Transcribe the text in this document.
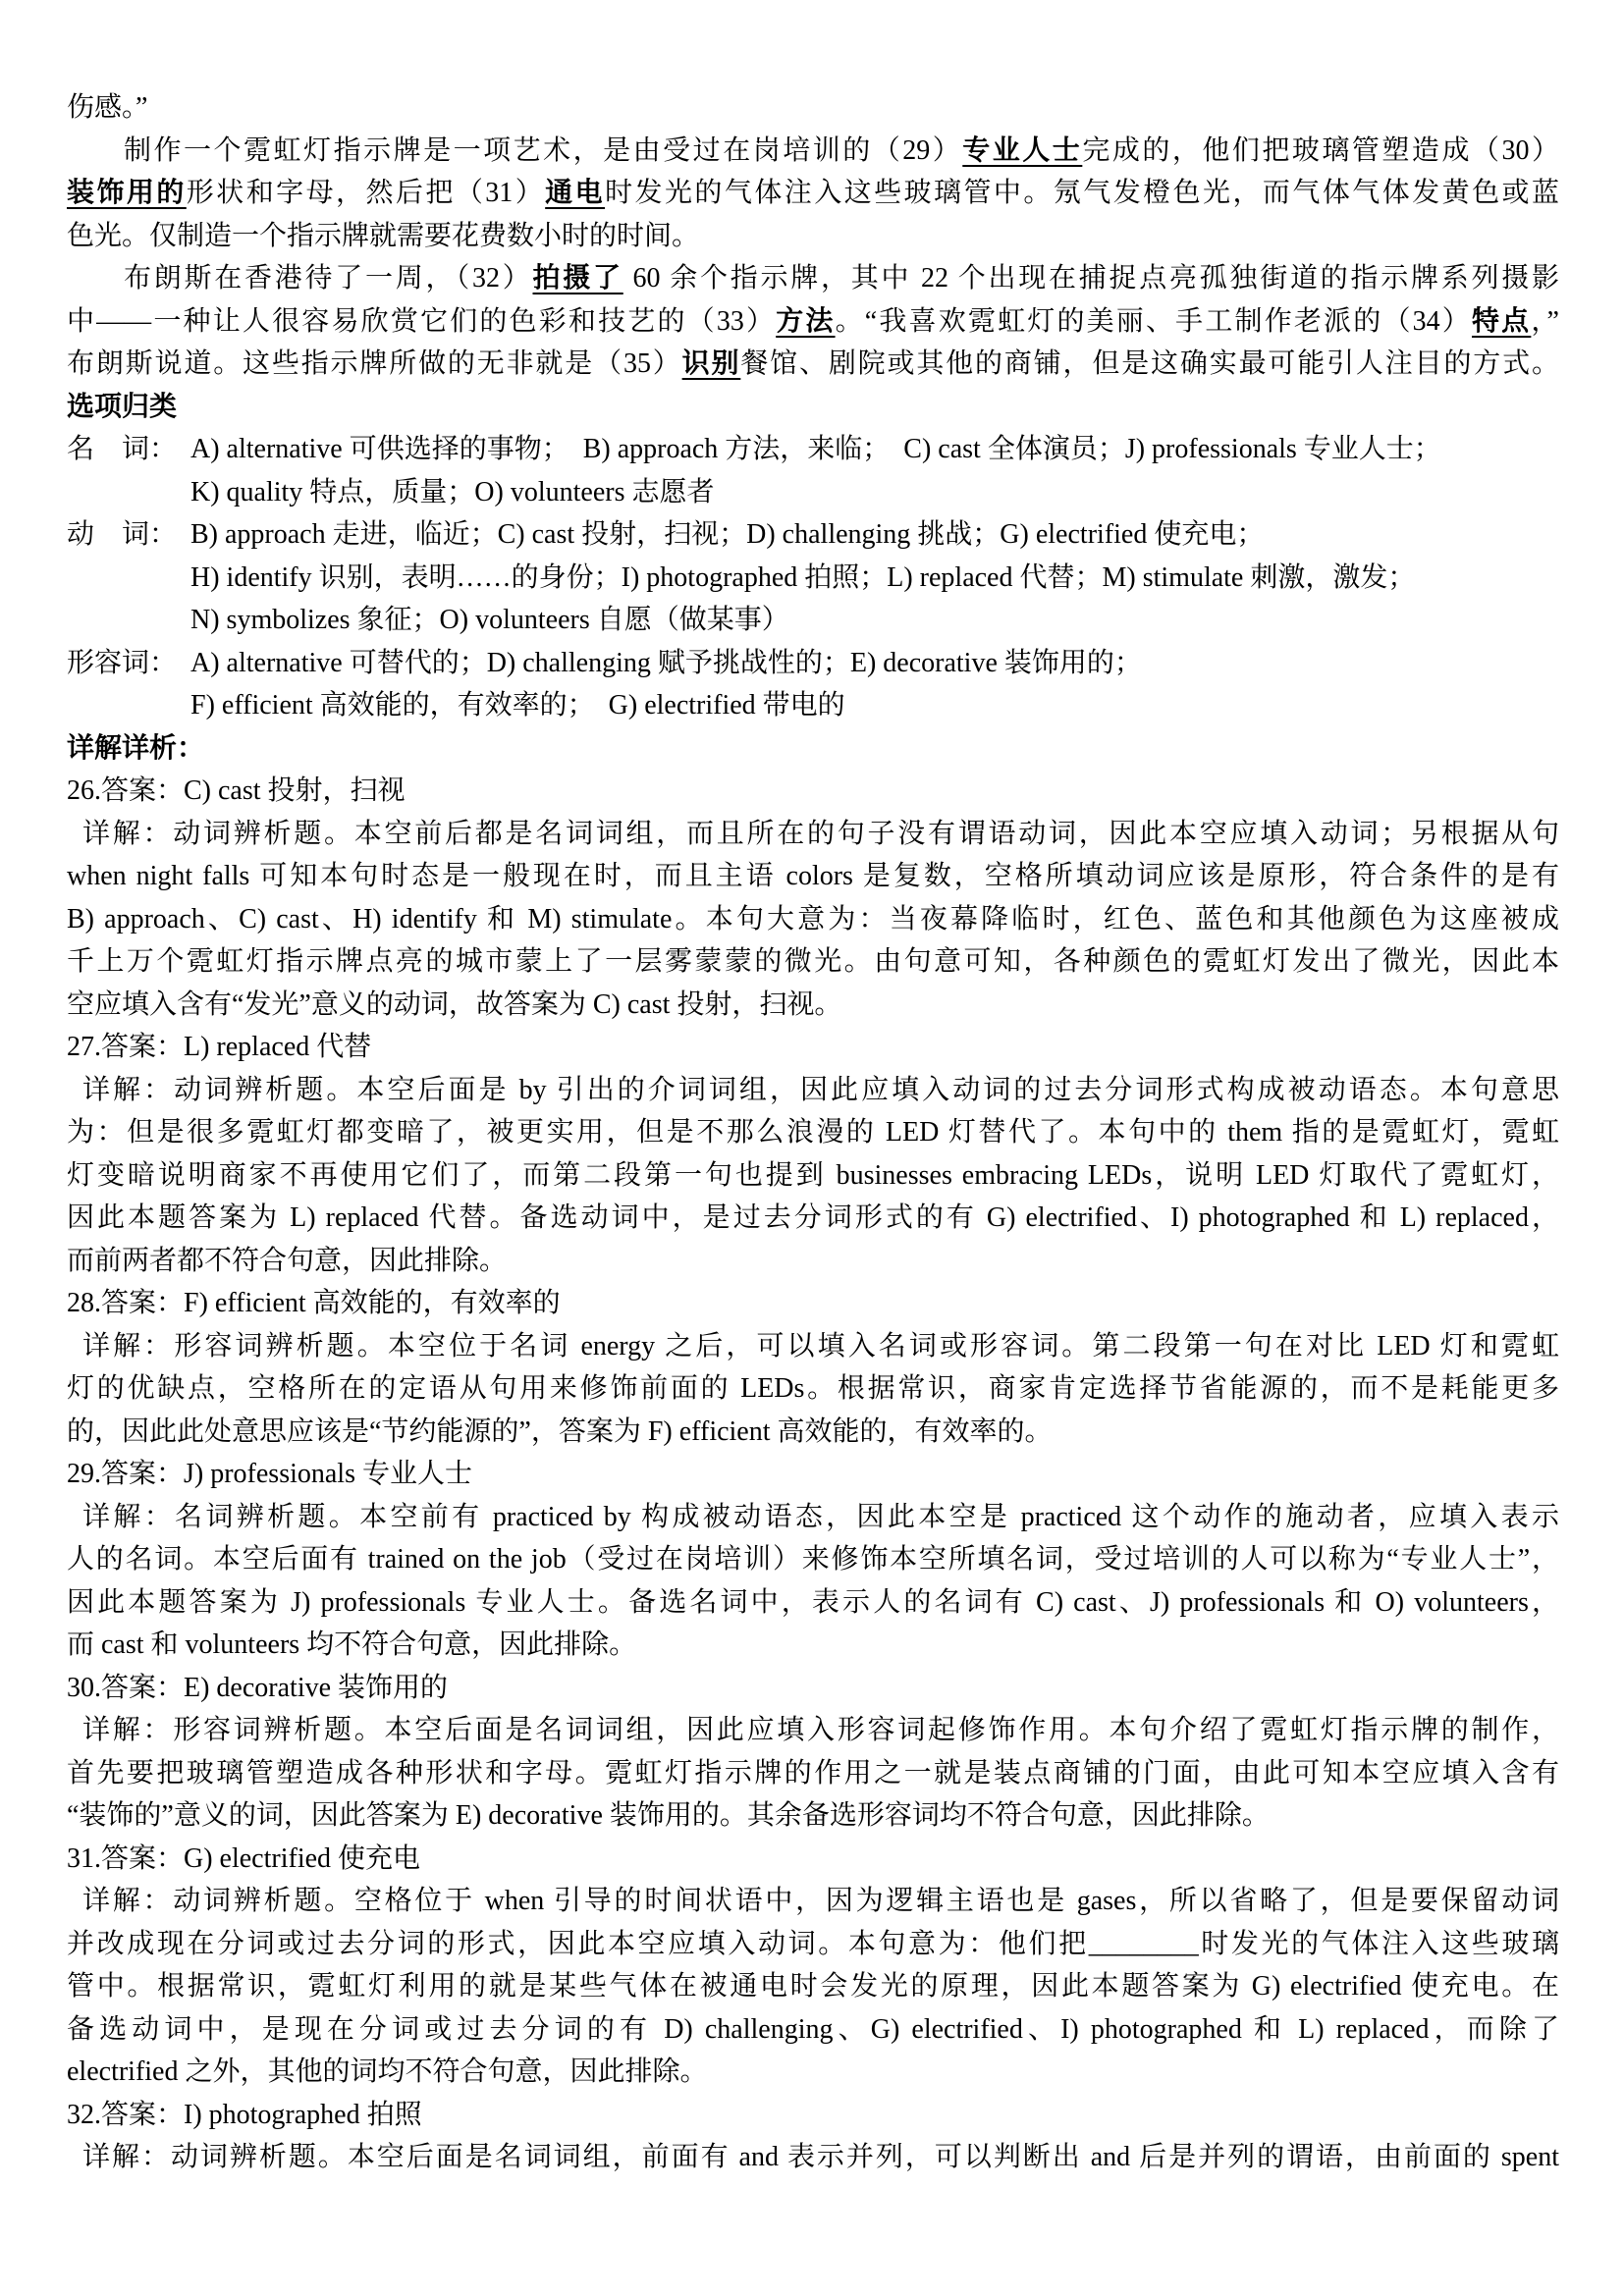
伤感。”
制作一个霓虹灯指示牌是一项艺术，是由受过在岗培训的（29）专业人士完成的，他们把玻璃管塑造成（30）
装饰用的形状和字母，然后把（31）通电时发光的气体注入这些玻璃管中。氖气发橙色光，而气体气体发黄色或蓝
色光。仅制造一个指示牌就需要花费数小时的时间。
布朗斯在香港待了一周，（32）拍摄了 60 余个指示牌，其中 22 个出现在捕捉点亮孤独街道的指示牌系列摄影
中——一种让人很容易欣赏它们的色彩和技艺的（33）方法。“我喜欢霓虹灯的美丽、手工制作老派的（34）特点，”
布朗斯说道。这些指示牌所做的无非就是（35）识别餐馆、剧院或其他的商铺，但是这确实最可能引人注目的方式。
选项归类
名　词： A) alternative 可供选择的事物；  B) approach 方法，来临；  C) cast 全体演员；J) professionals 专业人士；
K) quality 特点，质量；O) volunteers 志愿者
动　词： B) approach 走进，临近；C) cast 投射，扫视；D) challenging 挑战；G) electrified 使充电；
H) identify 识别，表明……的身份；I) photographed 拍照；L) replaced 代替；M) stimulate 刺激，激发；
N) symbolizes 象征；O) volunteers 自愿（做某事）
形容词： A) alternative 可替代的；D) challenging 赋予挑战性的；E) decorative 装饰用的；
F) efficient 高效能的，有效率的；  G) electrified 带电的
详解详析：
26.答案：C) cast 投射，扫视
详解：动词辨析题。本空前后都是名词词组，而且所在的句子没有谓语动词，因此本空应填入动词；另根据从句
when night falls 可知本句时态是一般现在时，而且主语 colors 是复数，空格所填动词应该是原形，符合条件的是有
B) approach、C) cast、H) identify 和 M) stimulate。本句大意为：当夜幕降临时，红色、蓝色和其他颜色为这座被成
千上万个霓虹灯指示牌点亮的城市蒙上了一层雾蒙蒙的微光。由句意可知，各种颜色的霓虹灯发出了微光，因此本
空应填入含有“发光”意义的动词，故答案为 C) cast 投射，扫视。
27.答案：L) replaced 代替
详解：动词辨析题。本空后面是 by 引出的介词词组，因此应填入动词的过去分词形式构成被动语态。本句意思
为：但是很多霓虹灯都变暗了，被更实用，但是不那么浪漫的 LED 灯替代了。本句中的 them 指的是霓虹灯，霓虹
灯变暗说明商家不再使用它们了，而第二段第一句也提到 businesses embracing LEDs，说明 LED 灯取代了霓虹灯，
因此本题答案为 L) replaced 代替。备选动词中，是过去分词形式的有 G) electrified、I) photographed 和 L) replaced，
而前两者都不符合句意，因此排除。
28.答案：F) efficient 高效能的，有效率的
详解：形容词辨析题。本空位于名词 energy 之后，可以填入名词或形容词。第二段第一句在对比 LED 灯和霓虹
灯的优缺点，空格所在的定语从句用来修饰前面的 LEDs。根据常识，商家肯定选择节省能源的，而不是耗能更多
的，因此此处意思应该是“节约能源的”，答案为 F) efficient 高效能的，有效率的。
29.答案：J) professionals 专业人士
详解：名词辨析题。本空前有 practiced by 构成被动语态，因此本空是 practiced 这个动作的施动者，应填入表示
人的名词。本空后面有 trained on the job（受过在岗培训）来修饰本空所填名词，受过培训的人可以称为“专业人士”，
因此本题答案为 J) professionals 专业人士。备选名词中，表示人的名词有 C) cast、J) professionals 和 O) volunteers，
而 cast 和 volunteers 均不符合句意，因此排除。
30.答案：E) decorative 装饰用的
详解：形容词辨析题。本空后面是名词词组，因此应填入形容词起修饰作用。本句介绍了霓虹灯指示牌的制作，
首先要把玻璃管塑造成各种形状和字母。霓虹灯指示牌的作用之一就是装点商铺的门面，由此可知本空应填入含有
“装饰的”意义的词，因此答案为 E) decorative 装饰用的。其余备选形容词均不符合句意，因此排除。
31.答案：G) electrified 使充电
详解：动词辨析题。空格位于 when 引导的时间状语中，因为逻辑主语也是 gases，所以省略了，但是要保留动词
并改成现在分词或过去分词的形式，因此本空应填入动词。本句意为：他们把________时发光的气体注入这些玻璃
管中。根据常识，霓虹灯利用的就是某些气体在被通电时会发光的原理，因此本题答案为 G) electrified 使充电。在
备选动词中，是现在分词或过去分词的有 D) challenging、G) electrified、I) photographed 和 L) replaced，而除了
electrified 之外，其他的词均不符合句意，因此排除。
32.答案：I) photographed 拍照
详解：动词辨析题。本空后面是名词词组，前面有 and 表示并列，可以判断出 and 后是并列的谓语，由前面的 spent
